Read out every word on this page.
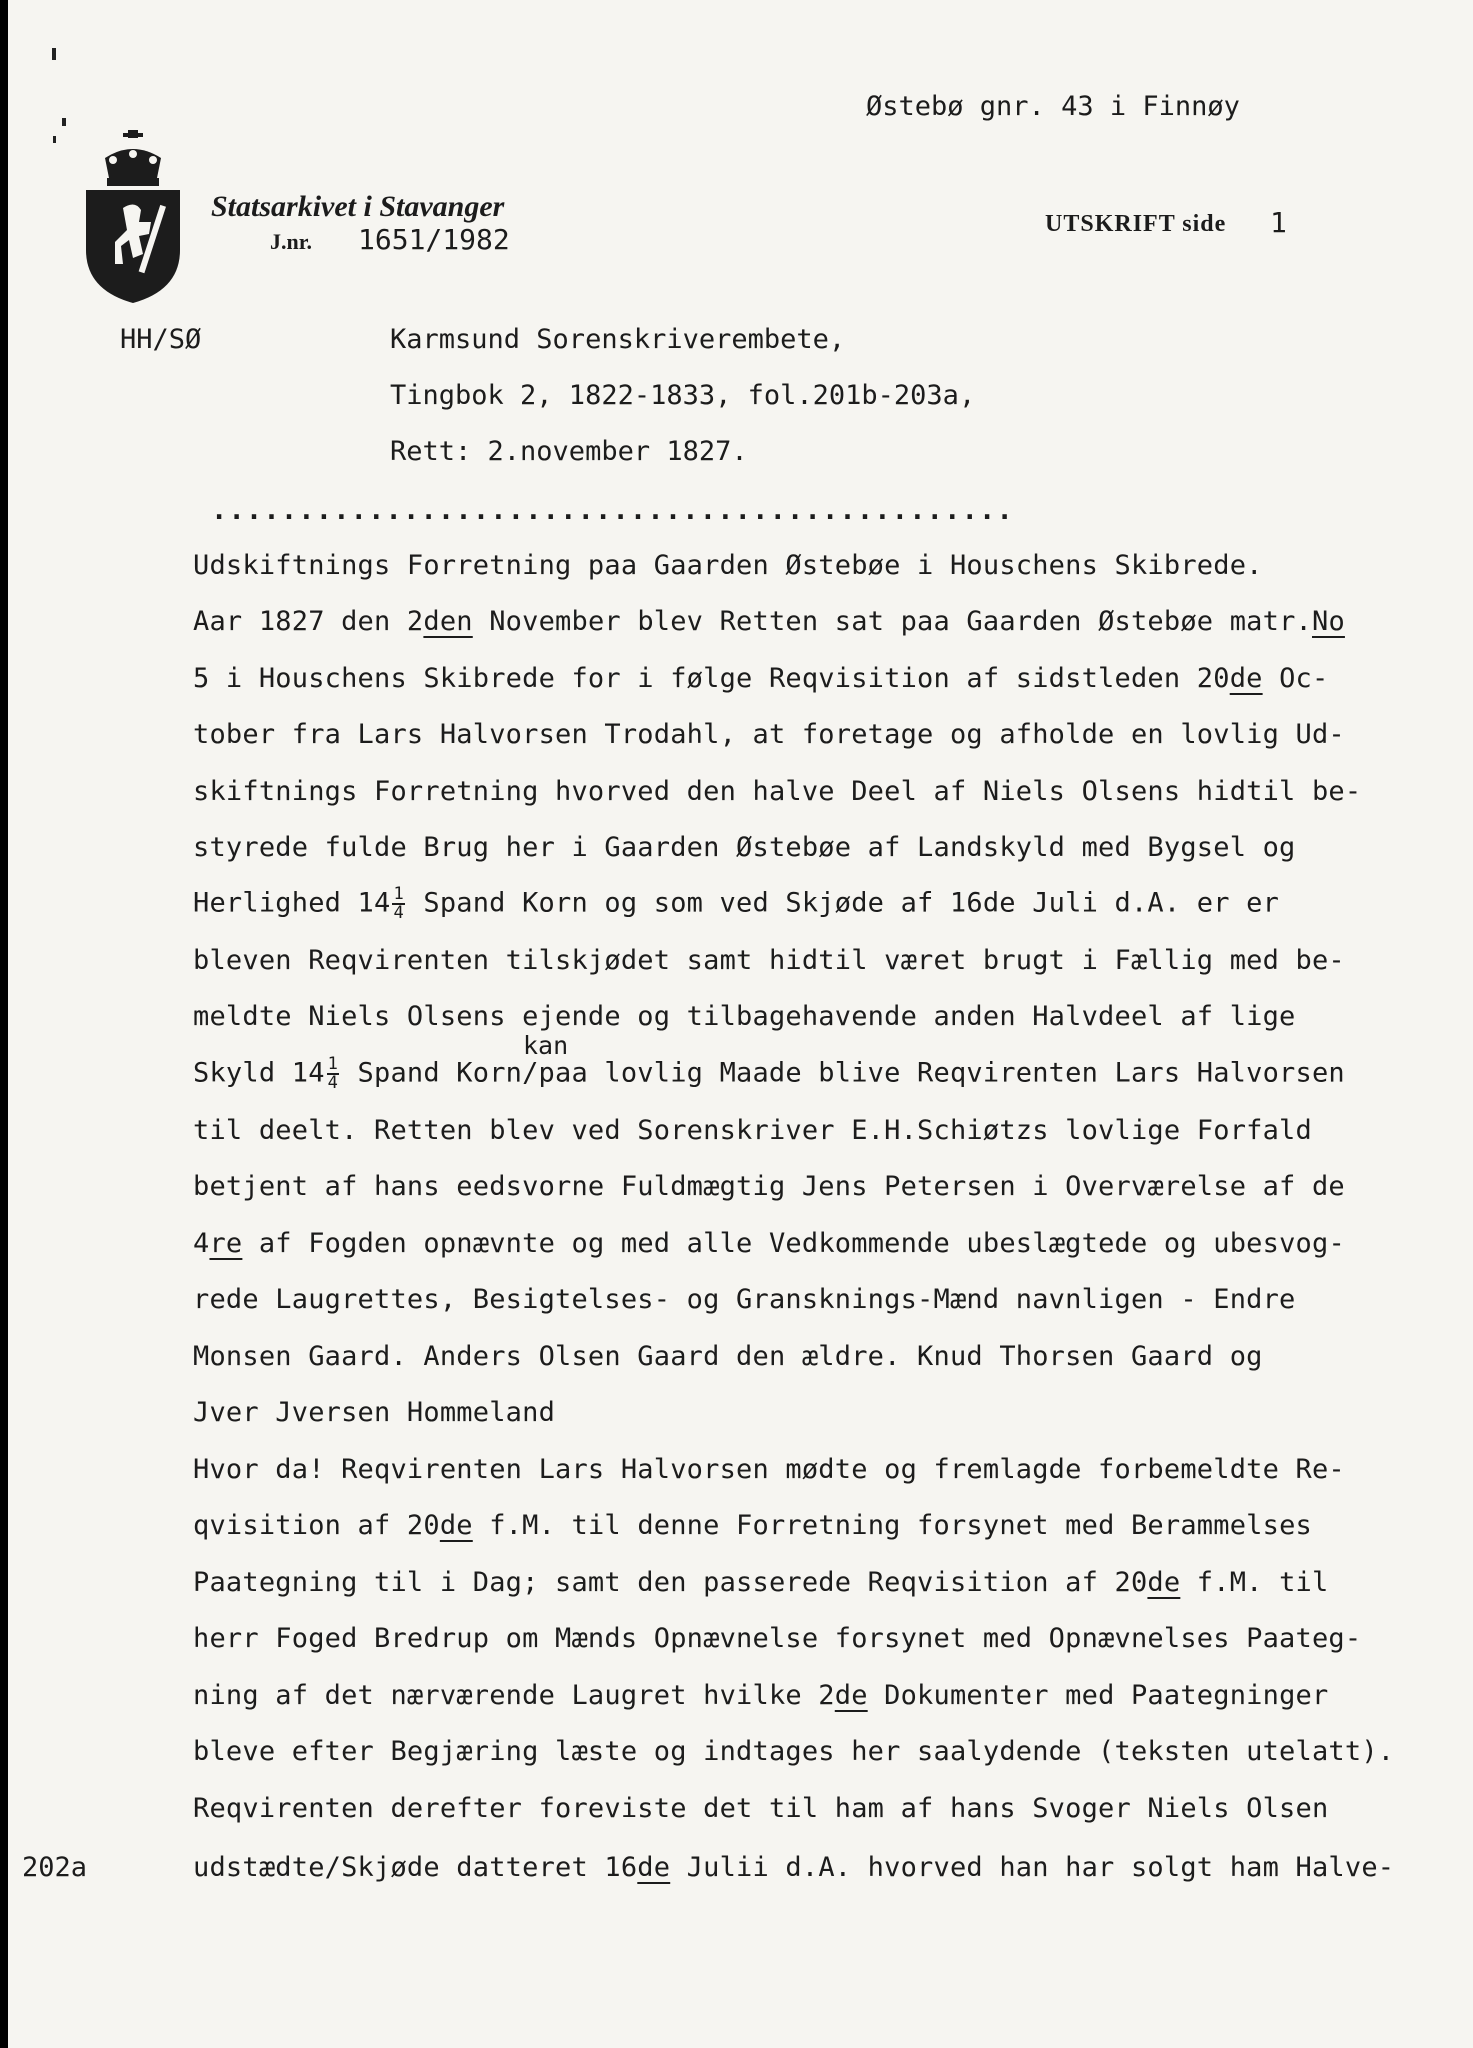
Østebø gnr. 43 i Finnøy
Statsarkivet i Stavanger
J.nr. 1651/1982	UTSKRIFT side 1
HH/SØ	Karmsund Sorenskriverembete,
Tingbok 2, 1822-1833, fol.201b-203a,
Rett: 2.november 1827.
..............................................
Udskiftnings Forretning paa Gaarden Østebøe i Houschens Skibrede.
Aar 1827 den 2den November blev Retten sat paa Gaarden Østebøe matr.No
5 i Houschens Skibrede for i følge Reqvisition af sidstleden 20de Oc-
tober fra Lars Halvorsen Trodahl, at foretage og afholde en lovlig Ud-
skiftnings Forretning hvorved den halve Deel af Niels Olsens hidtil be-
styrede fulde Brug her i Gaarden Østebøe af Landskyld med Bygsel og
Herlighed $14 \frac{1}{4}$ Spand Korn og som ved Skjøde af 16de Juli d.A. er er
bleven Reqvirenten tilskjødet samt hidtil været brugt i Fællig med be-
meldte Niels Olsens ejende og tilbagehavende anden Halvdeel af lige
kan
Skyld $14 \frac{1}{4}$ Spand Korn/paa lovlig Maade blive Reqvirenten Lars Halvorsen
til deelt. Retten blev ved Sorenskriver E.H.Schiøtzs lovlige Forfald
betjent af hans eedsvorne Fuldmægtig Jens Petersen i Overværelse af de
4re af Fogden opnævnte og med alle Vedkommende ubeslægtede og ubesvog-
rede Laugrettes, Besigtelses- og Gransknings-Mænd navnligen - Endre
Monsen Gaard. Anders Olsen Gaard den ældre. Knud Thorsen Gaard og
Jver Jversen Hommeland
Hvor da! Reqvirenten Lars Halvorsen mødte og fremlagde forbemeldte Re-
qvisition af 20de f.M. til denne Forretning forsynet med Berammelses
Paategning til i Dag; samt den passerede Reqvisition af 20de f.M. til
herr Foged Bredrup om Mænds Opnævnelse forsynet med Opnævnelses Paateg-
ning af det nærværende Laugret hvilke 2de Dokumenter med Paategninger
bleve efter Begjæring læste og indtages her saalydende (teksten utelatt).
Reqvirenten derefter foreviste det til ham af hans Svoger Niels Olsen
202a	udstædte/Skjøde datteret 16de Julii d.A. hvorved han har solgt ham Halve-
